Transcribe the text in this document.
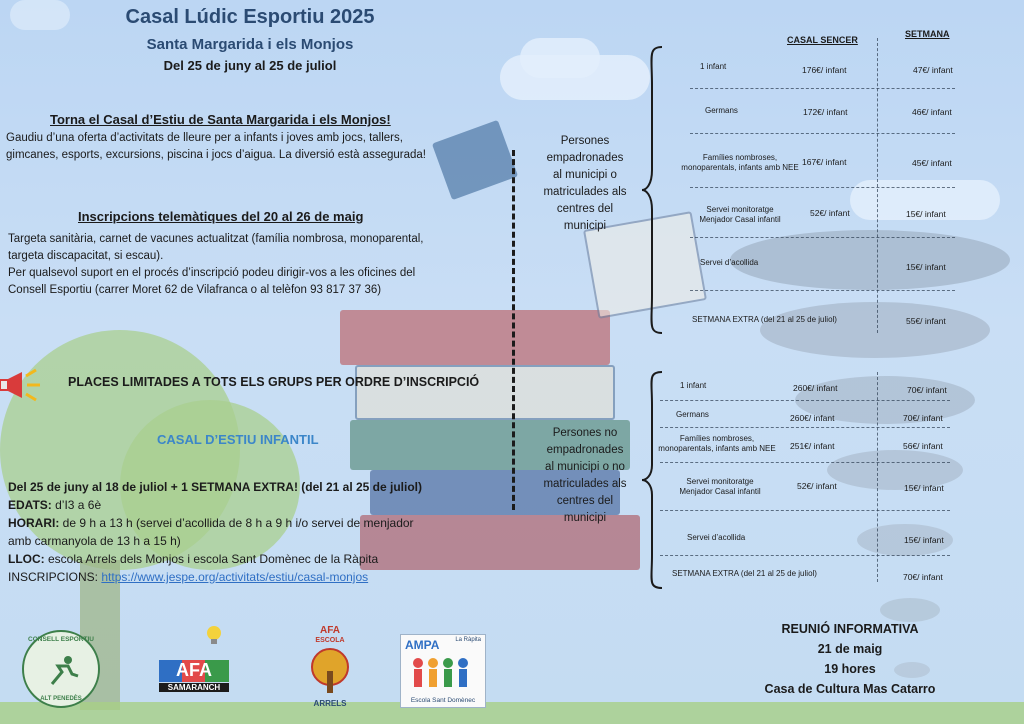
Casal Lúdic Esportiu 2025
Santa Margarida i els Monjos
Del 25 de juny al 25 de juliol
Torna el Casal d’Estiu de Santa Margarida i els Monjos!
Gaudiu d’una oferta d’activitats de lleure per a infants i joves amb jocs, tallers,
gimcanes, esports, excursions, piscina i jocs d’aigua. La diversió està assegurada!
Inscripcions telemàtiques del 20 al 26 de maig
Targeta sanitària, carnet de vacunes actualitzat (família nombrosa, monoparental,
targeta discapacitat, si escau).
Per qualsevol suport en el procés d’inscripció podeu dirigir-vos a les oficines del
Consell Esportiu (carrer Moret 62 de Vilafranca o al telèfon 93 817 37 36)
PLACES LIMITADES A TOTS ELS GRUPS PER ORDRE D’INSCRIPCIÓ
CASAL D’ESTIU INFANTIL
Del 25 de juny al 18 de juliol + 1 SETMANA EXTRA! (del 21 al 25 de juliol)
EDATS: d’I3 a 6è
HORARI: de 9 h a 13 h (servei d’acollida de 8 h a 9 h i/o servei de menjador
amb carmanyola de 13 h a 15 h)
LLOC: escola Arrels dels Monjos i escola Sant Domènec de la Ràpita
INSCRIPCIONS: https://www.jespe.org/activitats/estiu/casal-monjos
Persones
empadronades
al municipi o
matriculades als
centres del
municipi
Persones no
empadronades
al municipi o no
matriculades als
centres del
municipi
CASAL SENCER
SETMANA
1 infant	176€/ infant	47€/ infant
Germans	172€/ infant	46€/ infant
Famílies nombroses,
monoparentals, infants amb NEE
167€/ infant	45€/ infant
Servei monitoratge
Menjador Casal infantil
52€/ infant	15€/ infant
Servei d’acollida	15€/ infant
SETMANA EXTRA (del 21 al 25 de juliol)	55€/ infant
1 infant	260€/ infant	70€/ infant
Germans	260€/ infant	70€/ infant
Famílies nombroses,
monoparentals, infants amb NEE	251€/ infant	56€/ infant
Servei monitoratge
Menjador Casal infantil
52€/ infant	15€/ infant
Servei d’acollida	15€/ infant
SETMANA EXTRA (del 21 al 25 de juliol)	70€/ infant
REUNIÓ INFORMATIVA
21 de maig
19 hores
Casa de Cultura Mas Catarro
CONSELL ESPORTIU
ALT PENEDÈS
AFA
SAMARANCH
AFA
ESCOLA
ARRELS
AMPA	La Ràpita
Escola Sant Domènec
